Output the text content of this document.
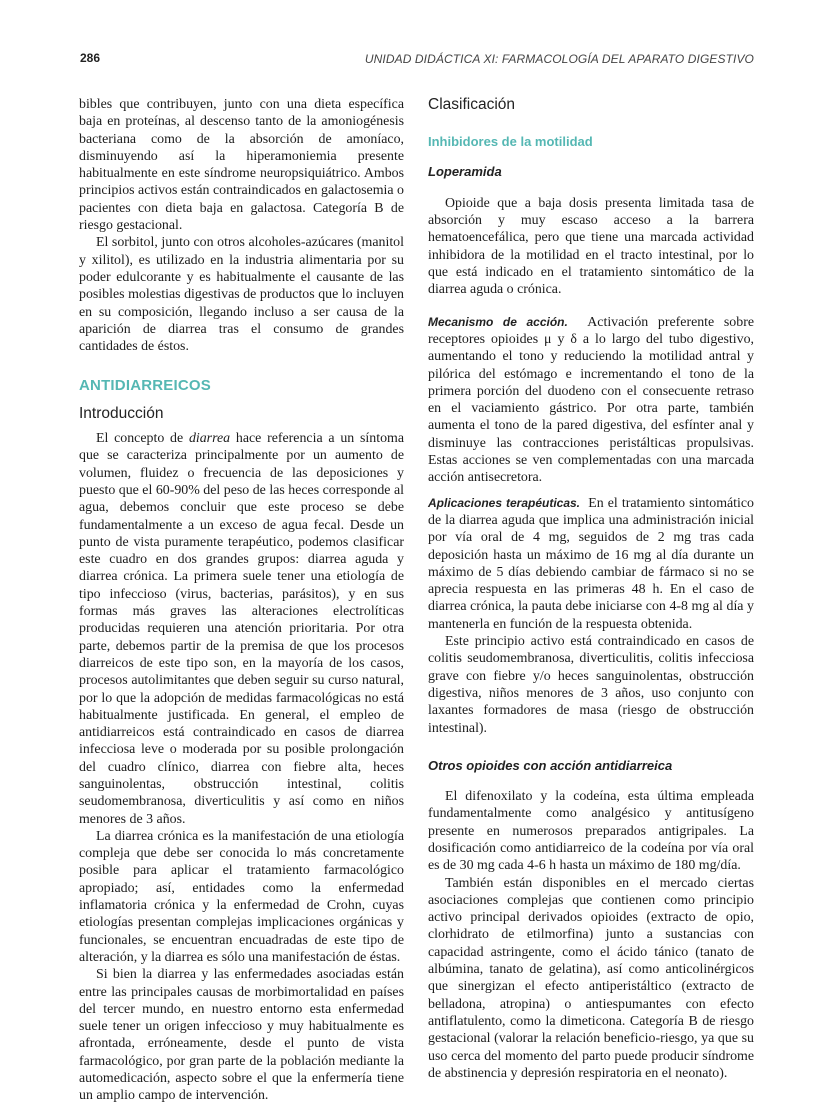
286	UNIDAD DIDÁCTICA XI: FARMACOLOGÍA DEL APARATO DIGESTIVO

bibles que contribuyen, junto con una dieta específica baja en proteínas, al descenso tanto de la amoniogénesis bacteriana como de la absorción de amoníaco, disminuyendo así la hiperamoniemia presente habitualmente en este síndrome neuropsiquiátrico. Ambos principios activos están contraindicados en galactosemia o pacientes con dieta baja en galactosa. Categoría B de riesgo gestacional.

El sorbitol, junto con otros alcoholes-azúcares (manitol y xilitol), es utilizado en la industria alimentaria por su poder edulcorante y es habitualmente el causante de las posibles molestias digestivas de productos que lo incluyen en su composición, llegando incluso a ser causa de la aparición de diarrea tras el consumo de grandes cantidades de éstos.

ANTIDIARREICOS
Introducción

El concepto de diarrea hace referencia a un síntoma que se caracteriza principalmente por un aumento de volumen, fluidez o frecuencia de las deposiciones y puesto que el 60-90% del peso de las heces corresponde al agua, debemos concluir que este proceso se debe fundamentalmente a un exceso de agua fecal. Desde un punto de vista puramente terapéutico, podemos clasificar este cuadro en dos grandes grupos: diarrea aguda y diarrea crónica. La primera suele tener una etiología de tipo infeccioso (virus, bacterias, parásitos), y en sus formas más graves las alteraciones electrolíticas producidas requieren una atención prioritaria. Por otra parte, debemos partir de la premisa de que los procesos diarreicos de este tipo son, en la mayoría de los casos, procesos autolimitantes que deben seguir su curso natural, por lo que la adopción de medidas farmacológicas no está habitualmente justificada. En general, el empleo de antidiarreicos está contraindicado en casos de diarrea infecciosa leve o moderada por su posible prolongación del cuadro clínico, diarrea con fiebre alta, heces sanguinolentas, obstrucción intestinal, colitis seudomembranosa, diverticulitis y así como en niños menores de 3 años.

La diarrea crónica es la manifestación de una etiología compleja que debe ser conocida lo más concretamente posible para aplicar el tratamiento farmacológico apropiado; así, entidades como la enfermedad inflamatoria crónica y la enfermedad de Crohn, cuyas etiologías presentan complejas implicaciones orgánicas y funcionales, se encuentran encuadradas de este tipo de alteración, y la diarrea es sólo una manifestación de éstas.

Si bien la diarrea y las enfermedades asociadas están entre las principales causas de morbimortalidad en países del tercer mundo, en nuestro entorno esta enfermedad suele tener un origen infeccioso y muy habitualmente es afrontada, erróneamente, desde el punto de vista farmacológico, por gran parte de la población mediante la automedicación, aspecto sobre el que la enfermería tiene un amplio campo de intervención.

Clasificación
Inhibidores de la motilidad
Loperamida

Opioide que a baja dosis presenta limitada tasa de absorción y muy escaso acceso a la barrera hematoencefálica, pero que tiene una marcada actividad inhibidora de la motilidad en el tracto intestinal, por lo que está indicado en el tratamiento sintomático de la diarrea aguda o crónica.

Mecanismo de acción. Activación preferente sobre receptores opioides μ y δ a lo largo del tubo digestivo, aumentando el tono y reduciendo la motilidad antral y pilórica del estómago e incrementando el tono de la primera porción del duodeno con el consecuente retraso en el vaciamiento gástrico. Por otra parte, también aumenta el tono de la pared digestiva, del esfínter anal y disminuye las contracciones peristálticas propulsivas. Estas acciones se ven complementadas con una marcada acción antisecretora.

Aplicaciones terapéuticas. En el tratamiento sintomático de la diarrea aguda que implica una administración inicial por vía oral de 4 mg, seguidos de 2 mg tras cada deposición hasta un máximo de 16 mg al día durante un máximo de 5 días debiendo cambiar de fármaco si no se aprecia respuesta en las primeras 48 h. En el caso de diarrea crónica, la pauta debe iniciarse con 4-8 mg al día y mantenerla en función de la respuesta obtenida.

Este principio activo está contraindicado en casos de colitis seudomembranosa, diverticulitis, colitis infecciosa grave con fiebre y/o heces sanguinolentas, obstrucción digestiva, niños menores de 3 años, uso conjunto con laxantes formadores de masa (riesgo de obstrucción intestinal).

Otros opioides con acción antidiarreica

El difenoxilato y la codeína, esta última empleada fundamentalmente como analgésico y antitusígeno presente en numerosos preparados antigripales. La dosificación como antidiarreico de la codeína por vía oral es de 30 mg cada 4-6 h hasta un máximo de 180 mg/día.

También están disponibles en el mercado ciertas asociaciones complejas que contienen como principio activo principal derivados opioides (extracto de opio, clorhidrato de etilmorfina) junto a sustancias con capacidad astringente, como el ácido tánico (tanato de albúmina, tanato de gelatina), así como anticolinérgicos que sinergizan el efecto antiperistáltico (extracto de belladona, atropina) o antiespumantes con efecto antiflatulento, como la dimeticona. Categoría B de riesgo gestacional (valorar la relación beneficio-riesgo, ya que su uso cerca del momento del parto puede producir síndrome de abstinencia y depresión respiratoria en el neonato).
